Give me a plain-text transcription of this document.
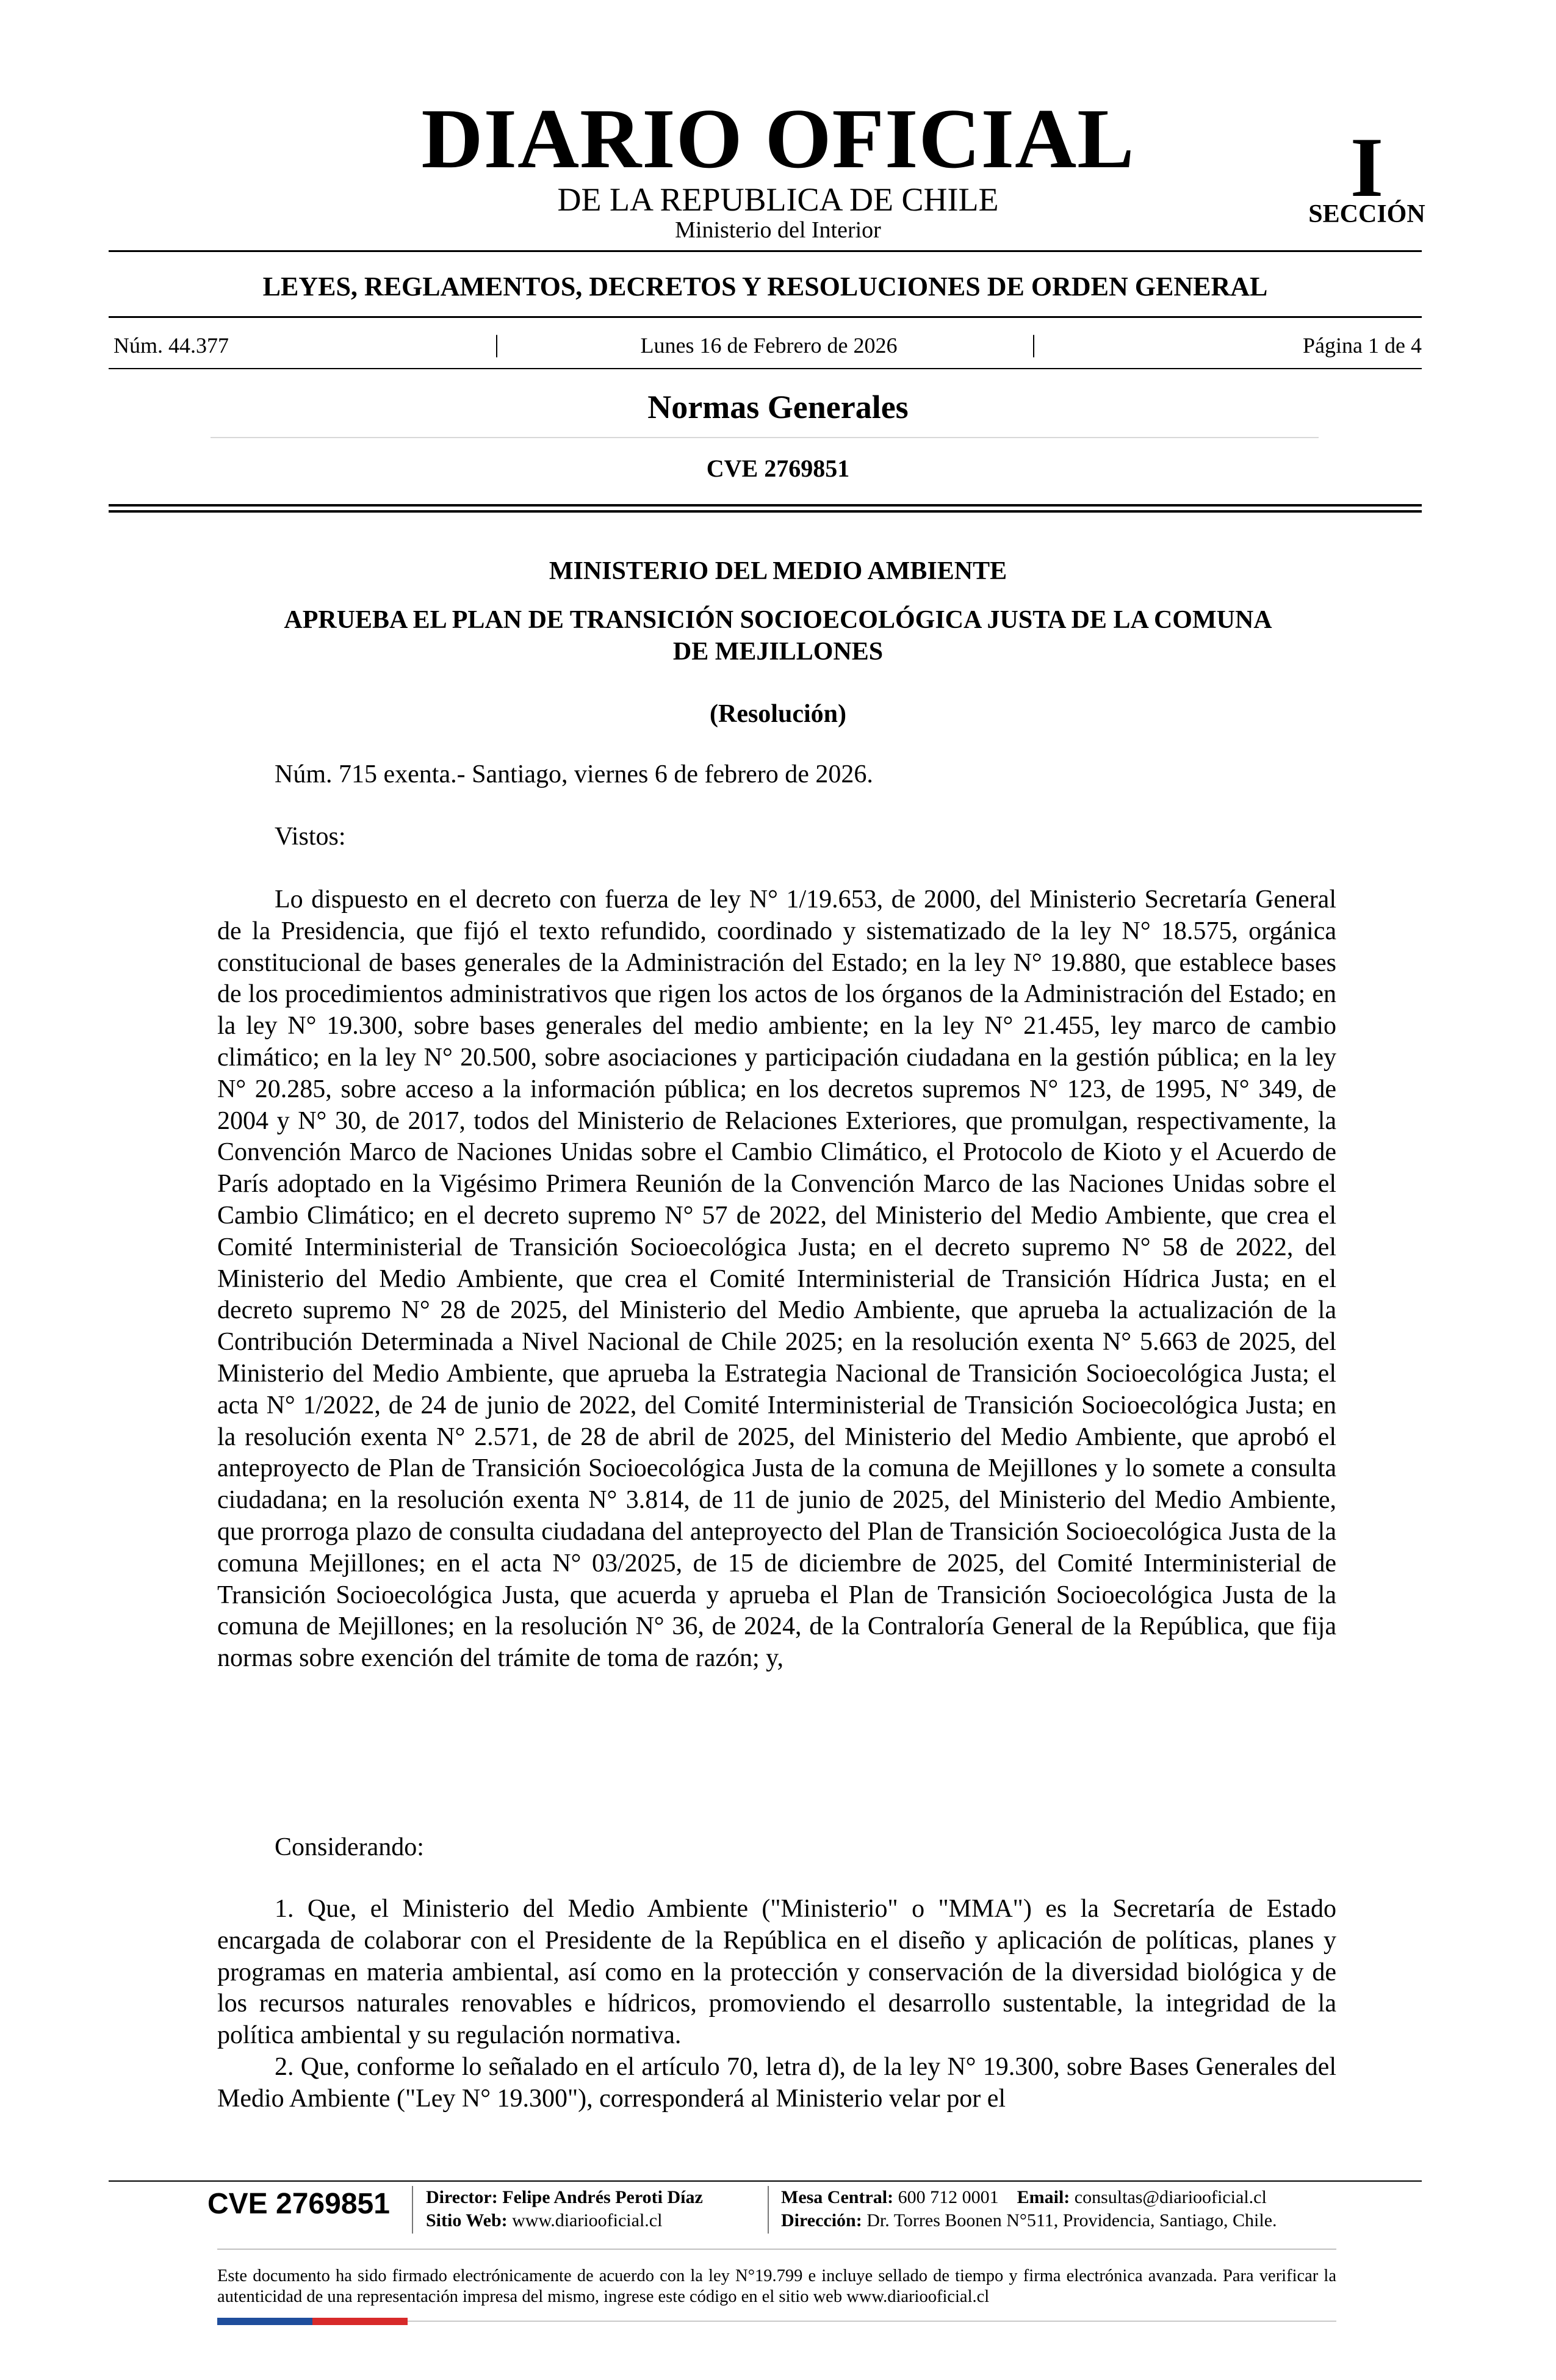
DIARIO OFICIAL
DE LA REPUBLICA DE CHILE
Ministerio del Interior
I
SECCIÓN
LEYES, REGLAMENTOS, DECRETOS Y RESOLUCIONES DE ORDEN GENERAL
Núm. 44.377	|	Lunes 16 de Febrero de 2026	|	Página 1 de 4
Normas Generales
CVE 2769851
MINISTERIO DEL MEDIO AMBIENTE
APRUEBA EL PLAN DE TRANSICIÓN SOCIOECOLÓGICA JUSTA DE LA COMUNA
DE MEJILLONES
(Resolución)
Núm. 715 exenta.- Santiago, viernes 6 de febrero de 2026.
Vistos:
Lo dispuesto en el decreto con fuerza de ley N° 1/19.653, de 2000, del Ministerio Secretaría General de la Presidencia, que fijó el texto refundido, coordinado y sistematizado de la ley N° 18.575, orgánica constitucional de bases generales de la Administración del Estado; en la ley N° 19.880, que establece bases de los procedimientos administrativos que rigen los actos de los órganos de la Administración del Estado; en la ley N° 19.300, sobre bases generales del medio ambiente; en la ley N° 21.455, ley marco de cambio climático; en la ley N° 20.500, sobre asociaciones y participación ciudadana en la gestión pública; en la ley N° 20.285, sobre acceso a la información pública; en los decretos supremos N° 123, de 1995, N° 349, de 2004 y N° 30, de 2017, todos del Ministerio de Relaciones Exteriores, que promulgan, respectivamente, la Convención Marco de Naciones Unidas sobre el Cambio Climático, el Protocolo de Kioto y el Acuerdo de París adoptado en la Vigésimo Primera Reunión de la Convención Marco de las Naciones Unidas sobre el Cambio Climático; en el decreto supremo N° 57 de 2022, del Ministerio del Medio Ambiente, que crea el Comité Interministerial de Transición Socioecológica Justa; en el decreto supremo N° 58 de 2022, del Ministerio del Medio Ambiente, que crea el Comité Interministerial de Transición Hídrica Justa; en el decreto supremo N° 28 de 2025, del Ministerio del Medio Ambiente, que aprueba la actualización de la Contribución Determinada a Nivel Nacional de Chile 2025; en la resolución exenta N° 5.663 de 2025, del Ministerio del Medio Ambiente, que aprueba la Estrategia Nacional de Transición Socioecológica Justa; el acta N° 1/2022, de 24 de junio de 2022, del Comité Interministerial de Transición Socioecológica Justa; en la resolución exenta N° 2.571, de 28 de abril de 2025, del Ministerio del Medio Ambiente, que aprobó el anteproyecto de Plan de Transición Socioecológica Justa de la comuna de Mejillones y lo somete a consulta ciudadana; en la resolución exenta N° 3.814, de 11 de junio de 2025, del Ministerio del Medio Ambiente, que prorroga plazo de consulta ciudadana del anteproyecto del Plan de Transición Socioecológica Justa de la comuna Mejillones; en el acta N° 03/2025, de 15 de diciembre de 2025, del Comité Interministerial de Transición Socioecológica Justa, que acuerda y aprueba el Plan de Transición Socioecológica Justa de la comuna de Mejillones; en la resolución N° 36, de 2024, de la Contraloría General de la República, que fija normas sobre exención del trámite de toma de razón; y,
Considerando:
1. Que, el Ministerio del Medio Ambiente ("Ministerio" o "MMA") es la Secretaría de Estado encargada de colaborar con el Presidente de la República en el diseño y aplicación de políticas, planes y programas en materia ambiental, así como en la protección y conservación de la diversidad biológica y de los recursos naturales renovables e hídricos, promoviendo el desarrollo sustentable, la integridad de la política ambiental y su regulación normativa.
2. Que, conforme lo señalado en el artículo 70, letra d), de la ley N° 19.300, sobre Bases Generales del Medio Ambiente ("Ley N° 19.300"), corresponderá al Ministerio velar por el
CVE 2769851 Director: Felipe Andrés Peroti Díaz
Sitio Web: www.diariooficial.cl
Mesa Central: 600 712 0001 Email: consultas@diariooficial.cl
Dirección: Dr. Torres Boonen N°511, Providencia, Santiago, Chile.
Este documento ha sido firmado electrónicamente de acuerdo con la ley N°19.799 e incluye sellado de tiempo y firma electrónica avanzada. Para verificar la autenticidad de una representación impresa del mismo, ingrese este código en el sitio web www.diariooficial.cl
